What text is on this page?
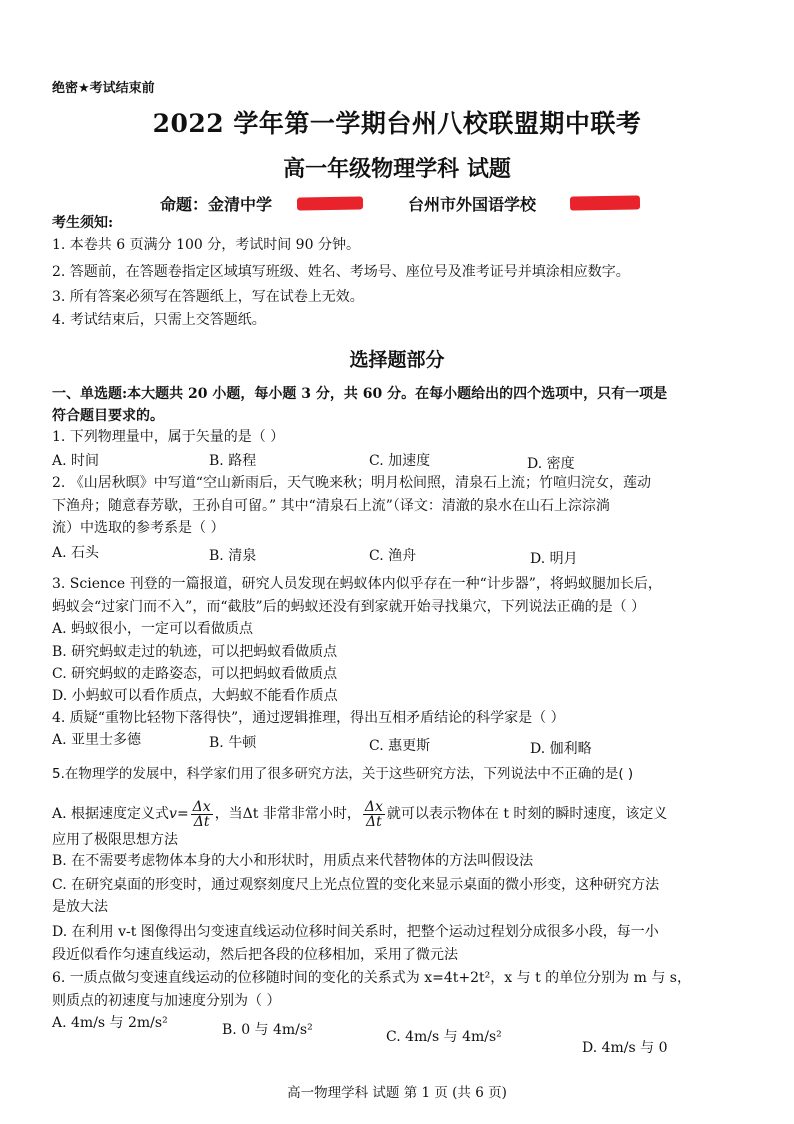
绝密★考试结束前
2022 学年第一学期台州八校联盟期中联考
高一年级物理学科 试题
命题：金清中学	台州市外国语学校
考生须知:
1. 本卷共 6 页满分 100 分，考试时间 90 分钟。
2. 答题前，在答题卷指定区域填写班级、姓名、考场号、座位号及准考证号并填涂相应数字。
3. 所有答案必须写在答题纸上，写在试卷上无效。
4. 考试结束后，只需上交答题纸。
选择题部分
一、单选题:本大题共 20 小题，每小题 3 分，共 60 分。在每小题给出的四个选项中，只有一项是
符合题目要求的。
1. 下列物理量中，属于矢量的是（ ）
A. 时间	B. 路程	C. 加速度	D. 密度
2. 《山居秋暝》中写道“空山新雨后，天气晚来秋；明月松间照，清泉石上流；竹喧归浣女，莲动
下渔舟；随意春芳歇，王孙自可留。” 其中“清泉石上流”（译文：清澈的泉水在山石上淙淙淌
流）中选取的参考系是（ ）
A. 石头	B. 清泉	C. 渔舟	D. 明月
3. Science 刊登的一篇报道，研究人员发现在蚂蚁体内似乎存在一种“计步器”，将蚂蚁腿加长后，
蚂蚁会“过家门而不入”，而“截肢”后的蚂蚁还没有到家就开始寻找巢穴，下列说法正确的是（ ）
A. 蚂蚁很小，一定可以看做质点
B. 研究蚂蚁走过的轨迹，可以把蚂蚁看做质点
C. 研究蚂蚁的走路姿态，可以把蚂蚁看做质点
D. 小蚂蚁可以看作质点，大蚂蚁不能看作质点
4. 质疑“重物比轻物下落得快”，通过逻辑推理，得出互相矛盾结论的科学家是（ ）
A. 亚里士多德	B. 牛顿	C. 惠更斯	D. 伽利略
5.在物理学的发展中，科学家们用了很多研究方法，关于这些研究方法，下列说法中不正确的是( )
A. 根据速度定义式 $v = \frac{\Delta x}{\Delta t}$ ，当Δt 非常非常小时， $\frac{\Delta x}{\Delta t}$ 就可以表示物体在 t 时刻的瞬时速度，该定义
应用了极限思想方法
B. 在不需要考虑物体本身的大小和形状时，用质点来代替物体的方法叫假设法
C. 在研究桌面的形变时，通过观察刻度尺上光点位置的变化来显示桌面的微小形变，这种研究方法
是放大法
D. 在利用 v-t 图像得出匀变速直线运动位移时间关系时，把整个运动过程划分成很多小段，每一小
段近似看作匀速直线运动，然后把各段的位移相加，采用了微元法
6. 一质点做匀变速直线运动的位移随时间的变化的关系式为 x=4t+2t²，x 与 t 的单位分别为 m 与 s，
则质点的初速度与加速度分别为（ ）
A. 4m/s 与 2m/s²	B. 0 与 4m/s²	C. 4m/s 与 4m/s²
D. 4m/s 与 0
高一物理学科 试题 第 1 页 (共 6 页)
